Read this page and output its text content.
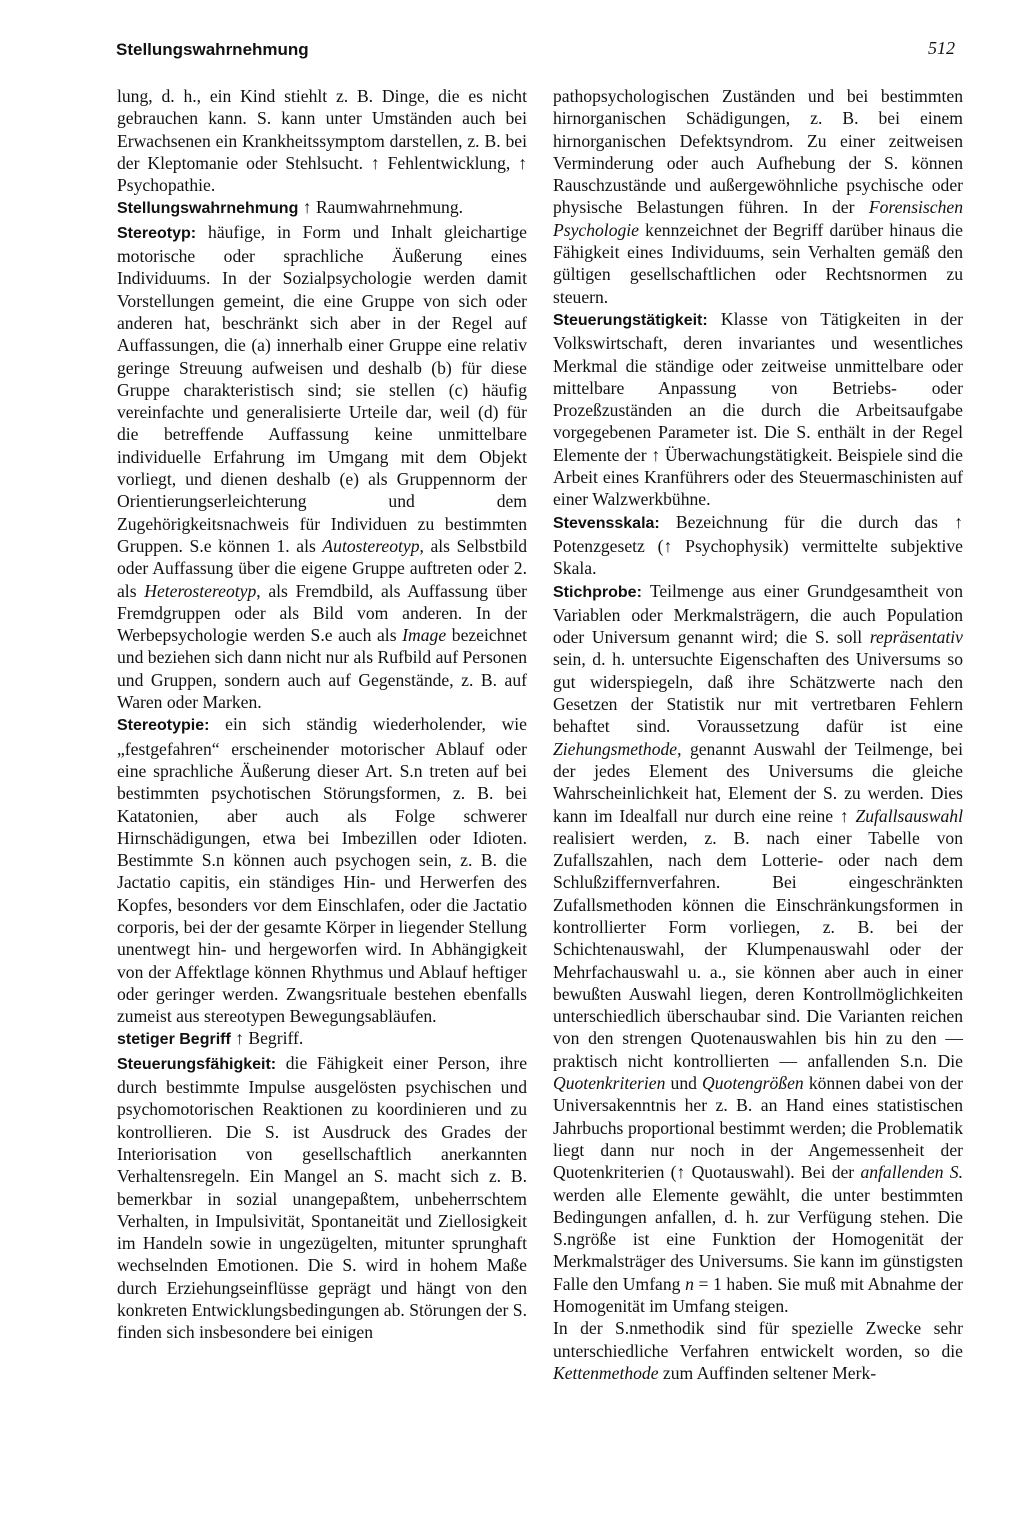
Stellungswahrnehmung	512

lung, d. h., ein Kind stiehlt z. B. Dinge, die es nicht gebrauchen kann. S. kann unter Umständen auch bei Erwachsenen ein Krankheitssymptom darstellen, z. B. bei der Kleptomanie oder Stehlsucht. ↑ Fehlentwicklung, ↑ Psychopathie.

Stellungswahrnehmung ↑ Raumwahrnehmung.

Stereotyp: häufige, in Form und Inhalt gleichartige motorische oder sprachliche Äußerung eines Individuums. In der Sozialpsychologie werden damit Vorstellungen gemeint, die eine Gruppe von sich oder anderen hat, beschränkt sich aber in der Regel auf Auffassungen, die (a) innerhalb einer Gruppe eine relativ geringe Streuung aufweisen und deshalb (b) für diese Gruppe charakteristisch sind; sie stellen (c) häufig vereinfachte und generalisierte Urteile dar, weil (d) für die betreffende Auffassung keine unmittelbare individuelle Erfahrung im Umgang mit dem Objekt vorliegt, und dienen deshalb (e) als Gruppennorm der Orientierungserleichterung und dem Zugehörigkeitsnachweis für Individuen zu bestimmten Gruppen. S.e können 1. als Autostereotyp, als Selbstbild oder Auffassung über die eigene Gruppe auftreten oder 2. als Heterostereotyp, als Fremdbild, als Auffassung über Fremdgruppen oder als Bild vom anderen. In der Werbepsychologie werden S.e auch als Image bezeichnet und beziehen sich dann nicht nur als Rufbild auf Personen und Gruppen, sondern auch auf Gegenstände, z. B. auf Waren oder Marken.

Stereotypie: ein sich ständig wiederholender, wie „festgefahren“ erscheinender motorischer Ablauf oder eine sprachliche Äußerung dieser Art. S.n treten auf bei bestimmten psychotischen Störungsformen, z. B. bei Katatonien, aber auch als Folge schwerer Hirnschädigungen, etwa bei Imbezillen oder Idioten. Bestimmte S.n können auch psychogen sein, z. B. die Jactatio capitis, ein ständiges Hin- und Herwerfen des Kopfes, besonders vor dem Einschlafen, oder die Jactatio corporis, bei der der gesamte Körper in liegender Stellung unentwegt hin- und hergeworfen wird. In Abhängigkeit von der Affektlage können Rhythmus und Ablauf heftiger oder geringer werden. Zwangsrituale bestehen ebenfalls zumeist aus stereotypen Bewegungsabläufen.

stetiger Begriff ↑ Begriff.

Steuerungsfähigkeit: die Fähigkeit einer Person, ihre durch bestimmte Impulse ausgelösten psychischen und psychomotorischen Reaktionen zu koordinieren und zu kontrollieren. Die S. ist Ausdruck des Grades der Interiorisation von gesellschaftlich anerkannten Verhaltensregeln. Ein Mangel an S. macht sich z. B. bemerkbar in sozial unangepaßtem, unbeherrschtem Verhalten, in Impulsivität, Spontaneität und Ziellosigkeit im Handeln sowie in ungezügelten, mitunter sprunghaft wechselnden Emotionen. Die S. wird in hohem Maße durch Erziehungseinflüsse geprägt und hängt von den konkreten Entwicklungsbedingungen ab. Störungen der S. finden sich insbesondere bei einigen

pathopsychologischen Zuständen und bei bestimmten hirnorganischen Schädigungen, z. B. bei einem hirnorganischen Defektsyndrom. Zu einer zeitweisen Verminderung oder auch Aufhebung der S. können Rauschzustände und außergewöhnliche psychische oder physische Belastungen führen. In der Forensischen Psychologie kennzeichnet der Begriff darüber hinaus die Fähigkeit eines Individuums, sein Verhalten gemäß den gültigen gesellschaftlichen oder Rechtsnormen zu steuern.

Steuerungstätigkeit: Klasse von Tätigkeiten in der Volkswirtschaft, deren invariantes und wesentliches Merkmal die ständige oder zeitweise unmittelbare oder mittelbare Anpassung von Betriebs- oder Prozeßzuständen an die durch die Arbeitsaufgabe vorgegebenen Parameter ist. Die S. enthält in der Regel Elemente der ↑ Überwachungstätigkeit. Beispiele sind die Arbeit eines Kranführers oder des Steuermaschinisten auf einer Walzwerkbühne.

Stevensskala: Bezeichnung für die durch das ↑ Potenzgesetz (↑ Psychophysik) vermittelte subjektive Skala.

Stichprobe: Teilmenge aus einer Grundgesamtheit von Variablen oder Merkmalsträgern, die auch Population oder Universum genannt wird; die S. soll repräsentativ sein, d. h. untersuchte Eigenschaften des Universums so gut widerspiegeln, daß ihre Schätzwerte nach den Gesetzen der Statistik nur mit vertretbaren Fehlern behaftet sind. Voraussetzung dafür ist eine Ziehungsmethode, genannt Auswahl der Teilmenge, bei der jedes Element des Universums die gleiche Wahrscheinlichkeit hat, Element der S. zu werden. Dies kann im Idealfall nur durch eine reine ↑ Zufallsauswahl realisiert werden, z. B. nach einer Tabelle von Zufallszahlen, nach dem Lotterie- oder nach dem Schlußziffernverfahren. Bei eingeschränkten Zufallsmethoden können die Einschränkungsformen in kontrollierter Form vorliegen, z. B. bei der Schichtenauswahl, der Klumpenauswahl oder der Mehrfachauswahl u. a., sie können aber auch in einer bewußten Auswahl liegen, deren Kontrollmöglichkeiten unterschiedlich überschaubar sind. Die Varianten reichen von den strengen Quotenauswahlen bis hin zu den — praktisch nicht kontrollierten — anfallenden S.n. Die Quotenkriterien und Quotengrößen können dabei von der Universakenntnis her z. B. an Hand eines statistischen Jahrbuchs proportional bestimmt werden; die Problematik liegt dann nur noch in der Angemessenheit der Quotenkriterien (↑ Quotauswahl). Bei der anfallenden S. werden alle Elemente gewählt, die unter bestimmten Bedingungen anfallen, d. h. zur Verfügung stehen. Die S.ngröße ist eine Funktion der Homogenität der Merkmalsträger des Universums. Sie kann im günstigsten Falle den Umfang n = 1 haben. Sie muß mit Abnahme der Homogenität im Umfang steigen.

In der S.nmethodik sind für spezielle Zwecke sehr unterschiedliche Verfahren entwickelt worden, so die Kettenmethode zum Auffinden seltener Merk-
